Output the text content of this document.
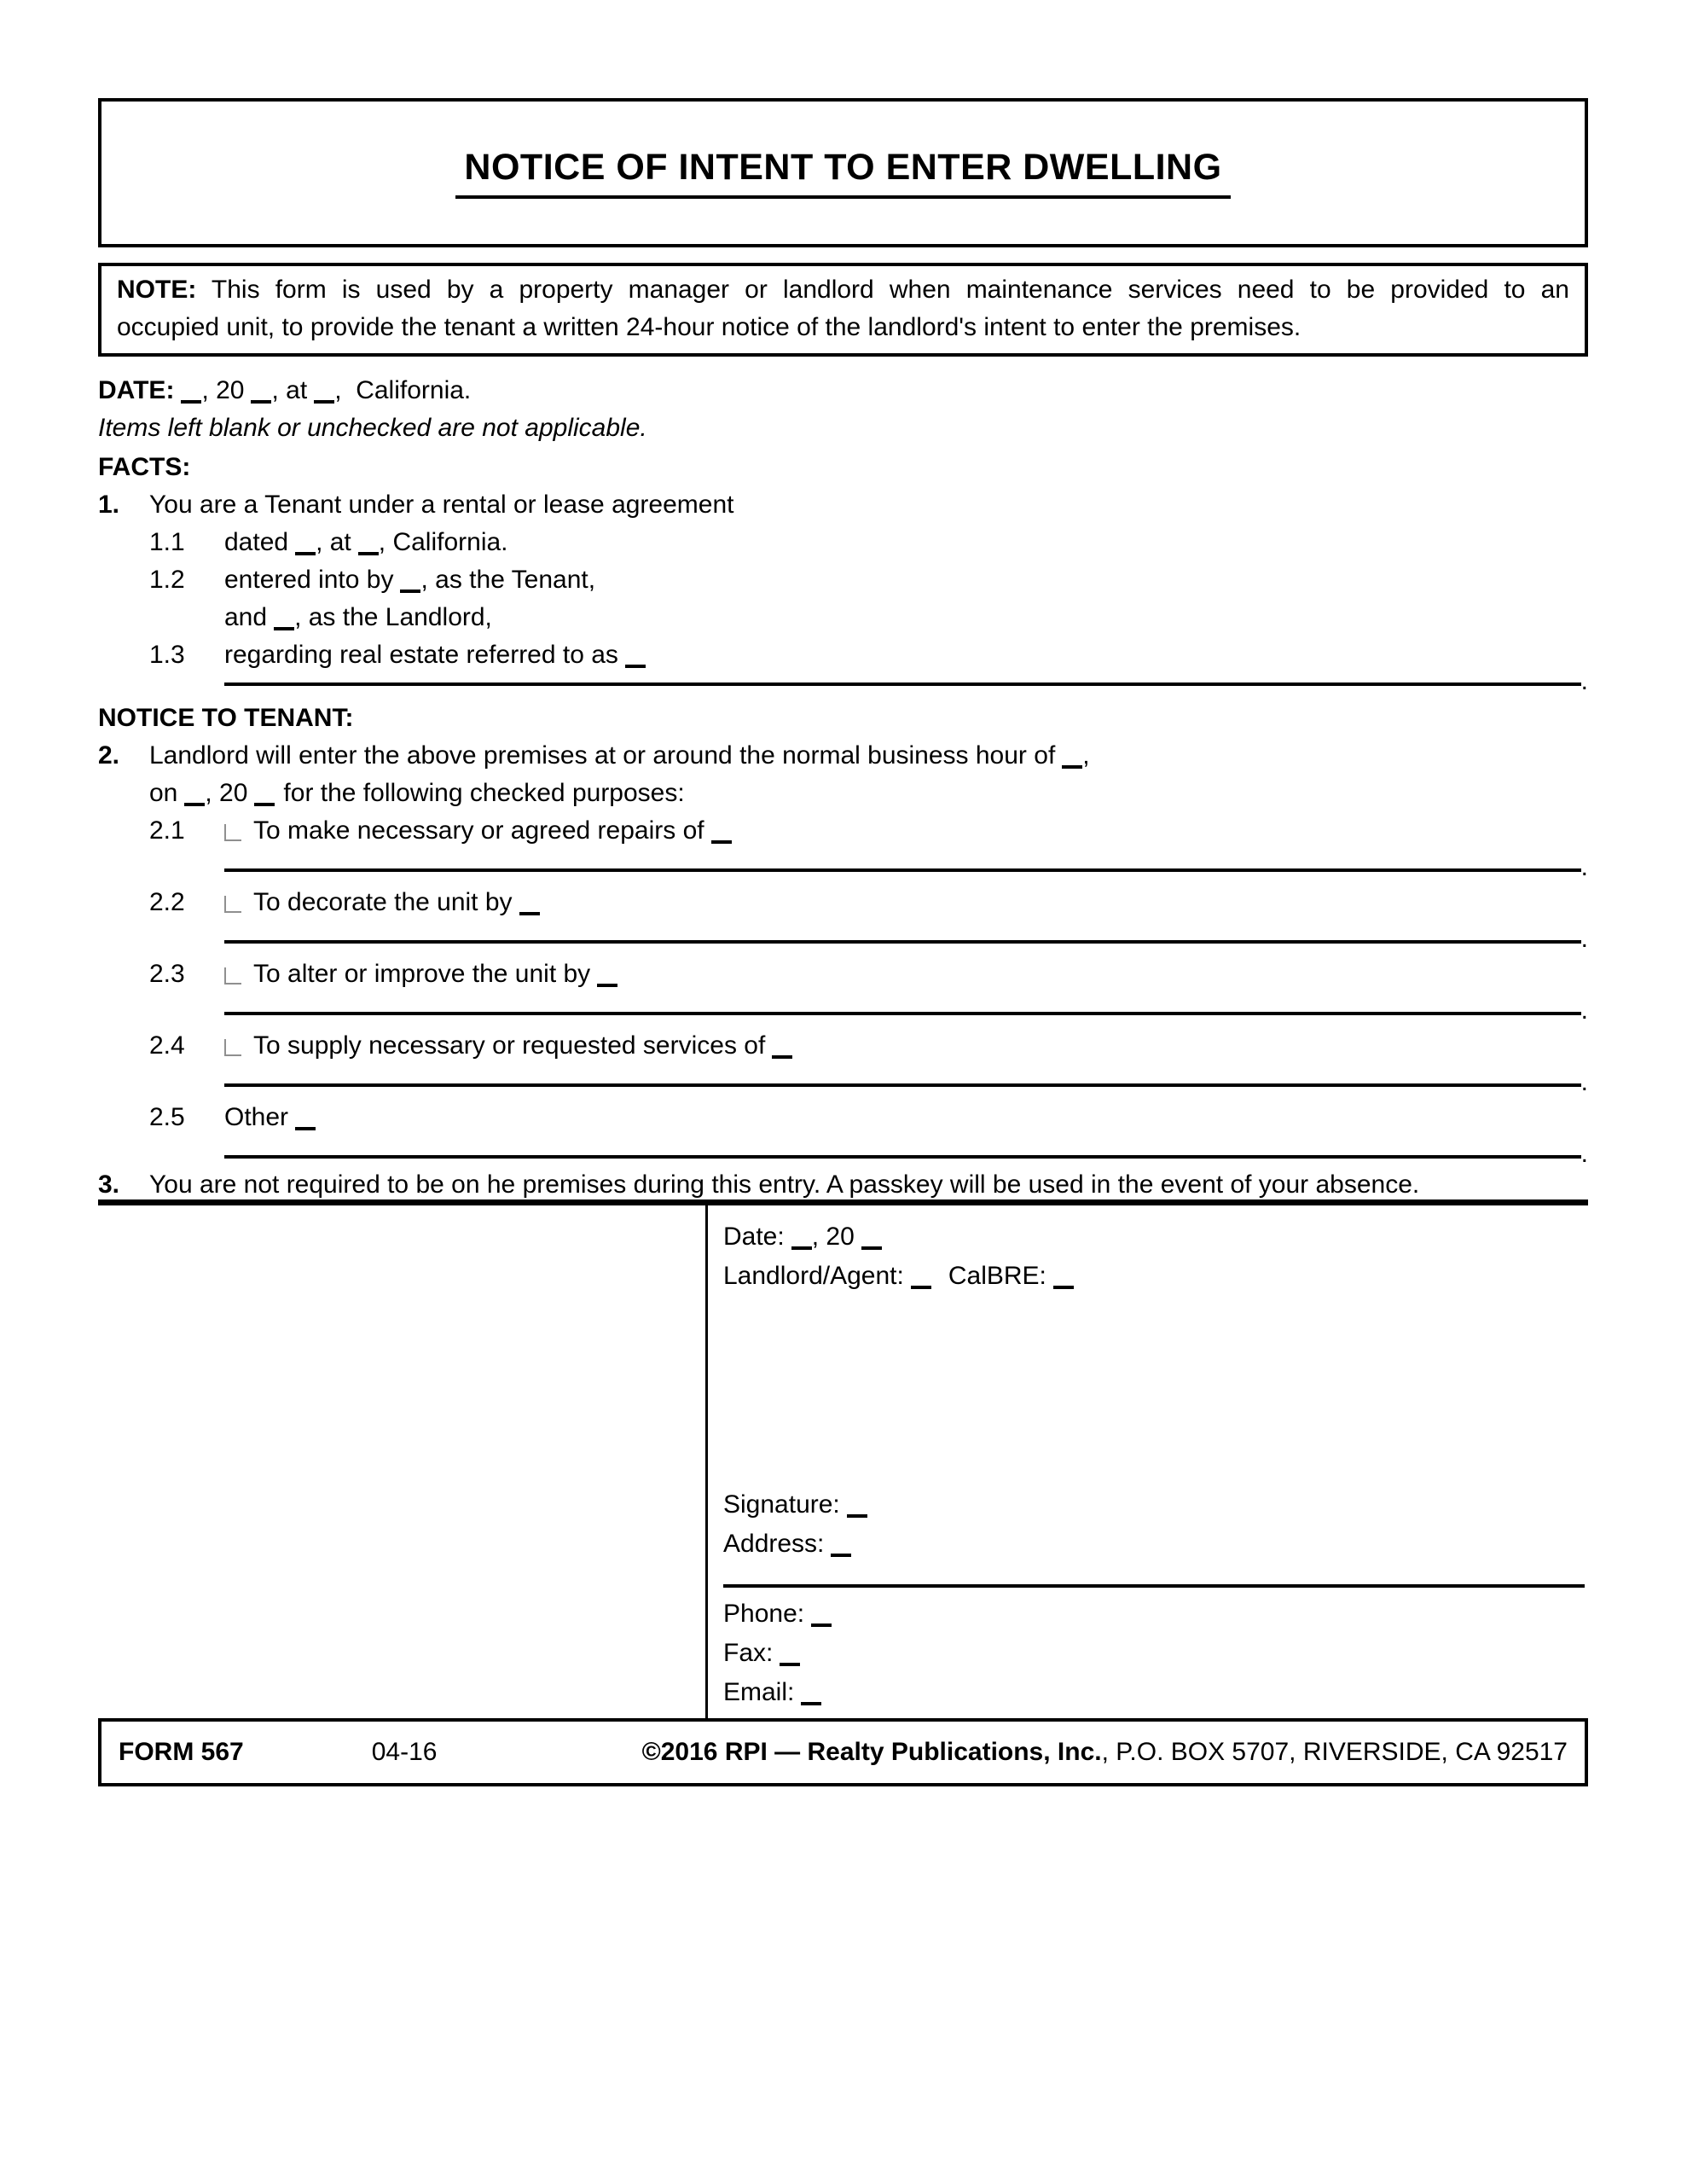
NOTICE OF INTENT TO ENTER DWELLING
NOTE: This form is used by a property manager or landlord when maintenance services need to be provided to an
occupied unit, to provide the tenant a written 24-hour notice of the landlord's intent to enter the premises.
DATE: , 20 , at ,  California.
Items left blank or unchecked are not applicable.
FACTS:
1.	You are a Tenant under a rental or lease agreement
1.1	dated , at , California.
1.2	entered into by , as the Tenant,
and , as the Landlord,
1.3	regarding real estate referred to as
.
NOTICE TO TENANT:
2.	Landlord will enter the above premises at or around the normal business hour of ,
on , 20	for the following checked purposes:
2.1	To make necessary or agreed repairs of
.
2.2	To decorate the unit by
.
2.3	To alter or improve the unit by
.
2.4	To supply necessary or requested services of
.
2.5	Other
.
3.	You are not required to be on he premises during this entry. A passkey will be used in the event of your absence.
Date: , 20
Landlord/Agent:	CalBRE:
Signature:
Address:
Phone:
Fax:
Email:
FORM 567	04-16	©2016 RPI — Realty Publications, Inc., P.O. BOX 5707, RIVERSIDE, CA 92517
